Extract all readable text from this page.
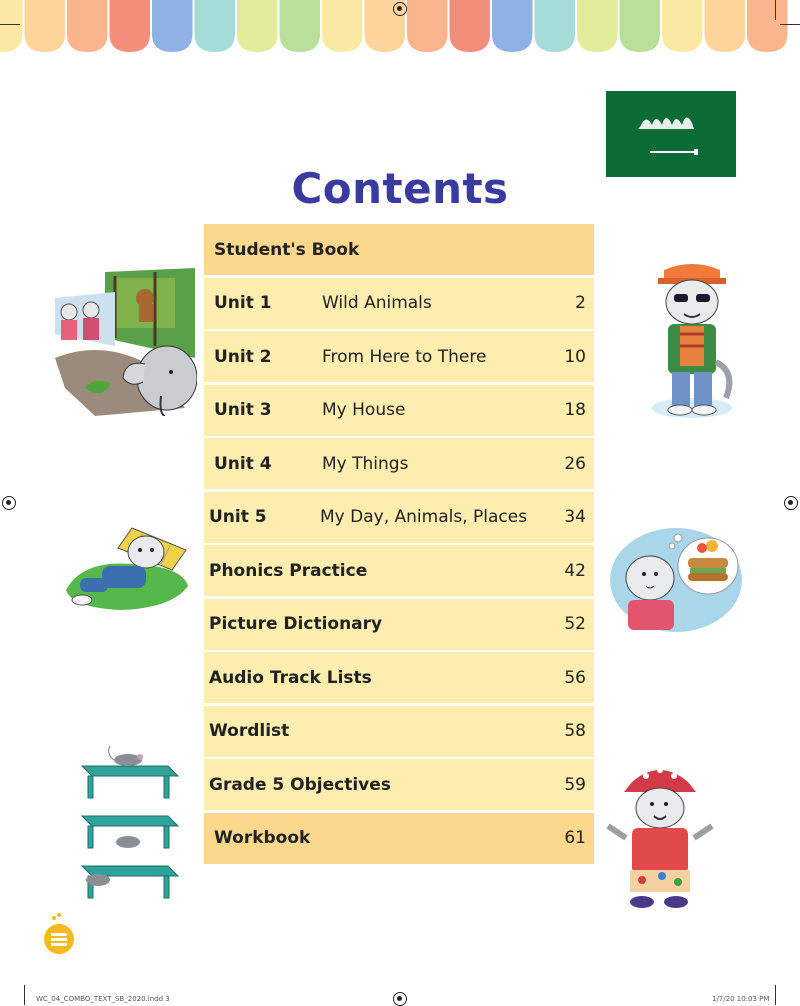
Contents
Student's Book
Unit 1	Wild Animals	2
Unit 2	From Here to There	10
Unit 3	My House	18
Unit 4	My Things	26
Unit 5	My Day, Animals, Places 34
Phonics Practice	42
Picture Dictionary	52
Audio Track Lists	56
Wordlist	58
Grade 5 Objectives	59
Workbook	61
WC_04_COMBO_TEXT_SB_2020.indd 3	1/7/20 10:03 PM
